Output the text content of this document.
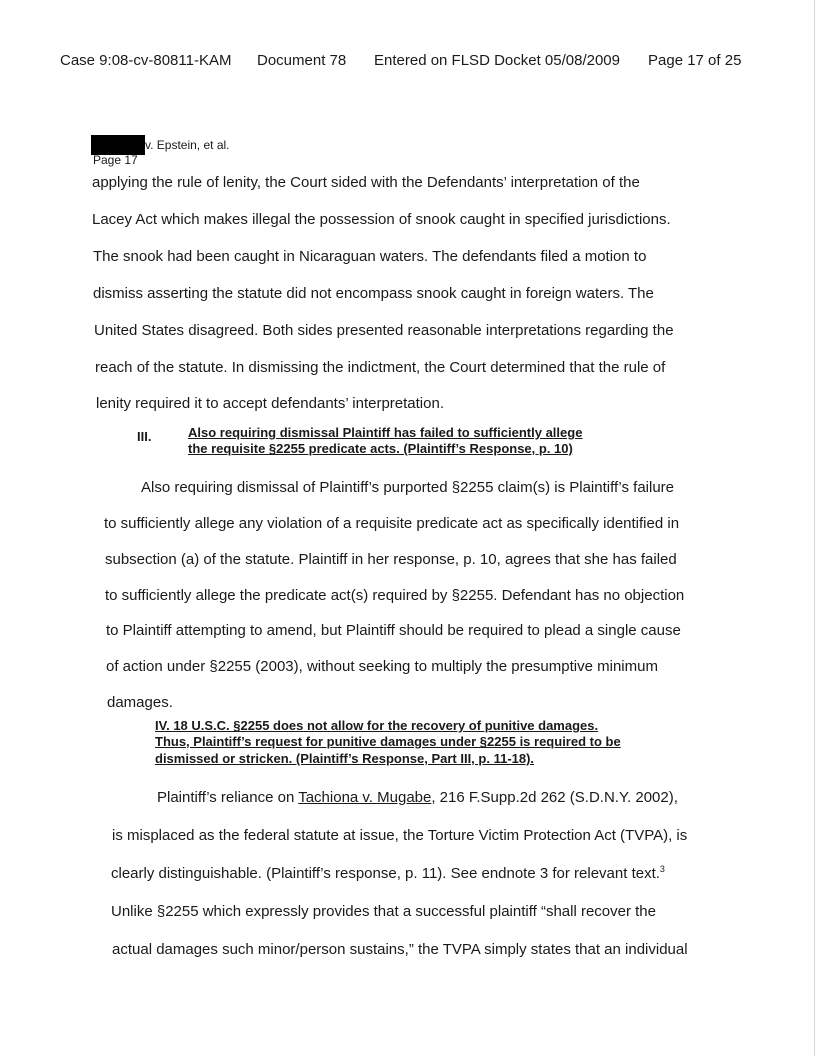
Case 9:08-cv-80811-KAM Document 78 Entered on FLSD Docket 05/08/2009 Page 17 of 25
v. Epstein, et al.
Page 17
applying the rule of lenity, the Court sided with the Defendants’ interpretation of the
Lacey Act which makes illegal the possession of snook caught in specified jurisdictions.
The snook had been caught in Nicaraguan waters. The defendants filed a motion to
dismiss asserting the statute did not encompass snook caught in foreign waters. The
United States disagreed. Both sides presented reasonable interpretations regarding the
reach of the statute. In dismissing the indictment, the Court determined that the rule of
lenity required it to accept defendants’ interpretation.
III.	Also requiring dismissal Plaintiff has failed to sufficiently allege
the requisite §2255 predicate acts. (Plaintiff’s Response, p. 10)
Also requiring dismissal of Plaintiff’s purported §2255 claim(s) is Plaintiff’s failure
to sufficiently allege any violation of a requisite predicate act as specifically identified in
subsection (a) of the statute. Plaintiff in her response, p. 10, agrees that she has failed
to sufficiently allege the predicate act(s) required by §2255. Defendant has no objection
to Plaintiff attempting to amend, but Plaintiff should be required to plead a single cause
of action under §2255 (2003), without seeking to multiply the presumptive minimum
damages.
IV. 18 U.S.C. §2255 does not allow for the recovery of punitive damages.
Thus, Plaintiff’s request for punitive damages under §2255 is required to be
dismissed or stricken. (Plaintiff’s Response, Part III, p. 11-18).
Plaintiff’s reliance on Tachiona v. Mugabe, 216 F.Supp.2d 262 (S.D.N.Y. 2002),
is misplaced as the federal statute at issue, the Torture Victim Protection Act (TVPA), is
clearly distinguishable. (Plaintiff’s response, p. 11). See endnote 3 for relevant text.$^3$
Unlike §2255 which expressly provides that a successful plaintiff “shall recover the
actual damages such minor/person sustains,” the TVPA simply states that an individual
